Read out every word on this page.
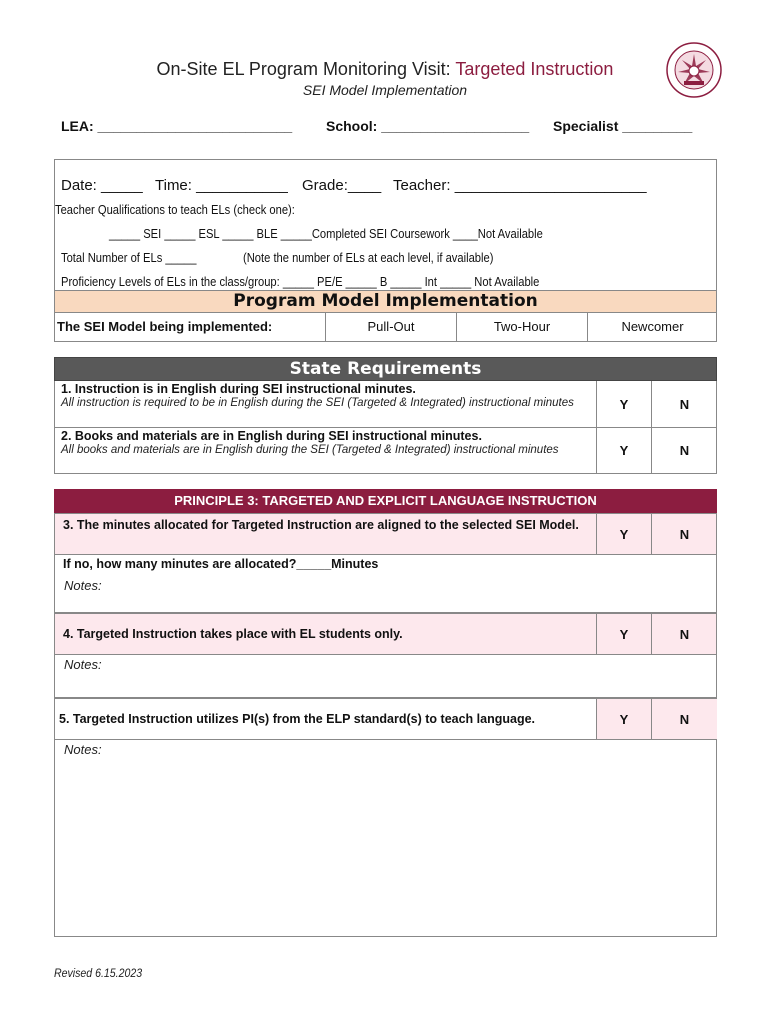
On-Site EL Program Monitoring Visit: Targeted Instruction
SEI Model Implementation
LEA: _________________________ School: ___________________ Specialist _________
Date: _____ Time: ___________ Grade:____ Teacher: _______________________
Teacher Qualifications to teach ELs (check one):
_____ SEI _____ ESL _____ BLE _____Completed SEI Coursework ____Not Available
Total Number of ELs _____	(Note the number of ELs at each level, if available)
Proficiency Levels of ELs in the class/group: _____ PE/E _____ B _____ Int _____ Not Available
Program Model Implementation
The SEI Model being implemented:	Pull-Out	Two-Hour	Newcomer
State Requirements
1. Instruction is in English during SEI instructional minutes.
All instruction is required to be in English during the SEI (Targeted & Integrated) instructional minutes	Y	N
2. Books and materials are in English during SEI instructional minutes.
All books and materials are in English during the SEI (Targeted & Integrated) instructional minutes	Y	N
PRINCIPLE 3: TARGETED AND EXPLICIT LANGUAGE INSTRUCTION
3. The minutes allocated for Targeted Instruction are aligned to the selected SEI Model.
Y	N
If no, how many minutes are allocated?_____Minutes
Notes:
4. Targeted Instruction takes place with EL students only.	Y	N
Notes:
5. Targeted Instruction utilizes PI(s) from the ELP standard(s) to teach language.	Y	N
Notes:
Revised 6.15.2023
